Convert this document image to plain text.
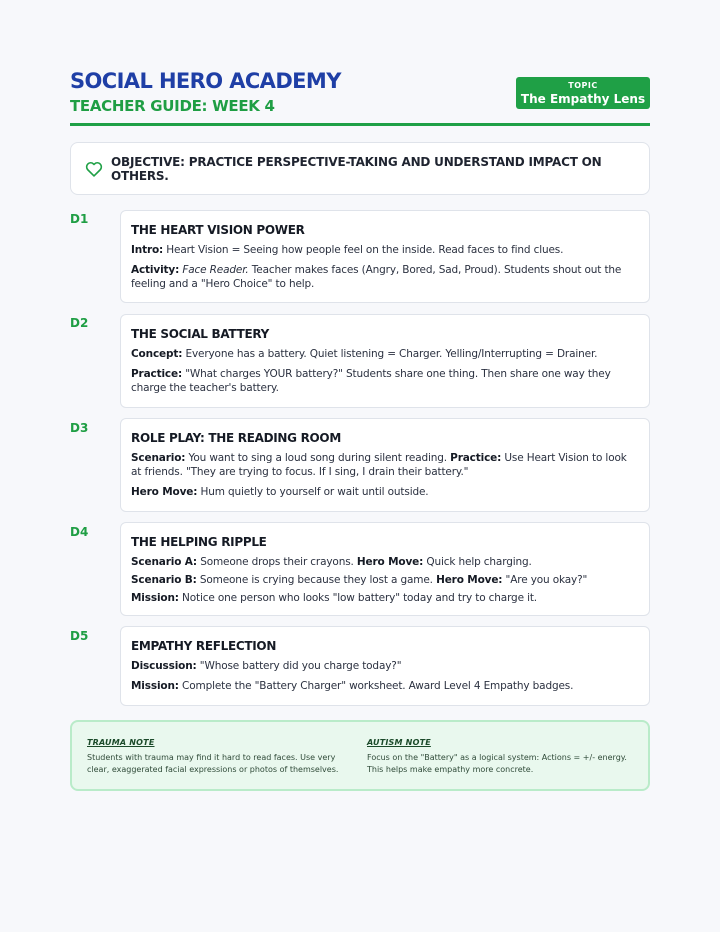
SOCIAL HERO ACADEMY
TEACHER GUIDE: WEEK 4
TOPIC
The Empathy Lens
OBJECTIVE: PRACTICE PERSPECTIVE-TAKING AND UNDERSTAND IMPACT ON OTHERS.
D1
THE HEART VISION POWER

Intro: Heart Vision = Seeing how people feel on the inside. Read faces to find clues.

Activity: Face Reader. Teacher makes faces (Angry, Bored, Sad, Proud). Students shout out the feeling and a "Hero Choice" to help.

D2
THE SOCIAL BATTERY

Concept: Everyone has a battery. Quiet listening = Charger. Yelling/Interrupting = Drainer.

Practice: "What charges YOUR battery?" Students share one thing. Then share one way they charge the teacher's battery.

D3
ROLE PLAY: THE READING ROOM

Scenario: You want to sing a loud song during silent reading. Practice: Use Heart Vision to look at friends. "They are trying to focus. If I sing, I drain their battery."

Hero Move: Hum quietly to yourself or wait until outside.

D4
THE HELPING RIPPLE

Scenario A: Someone drops their crayons. Hero Move: Quick help charging.

Scenario B: Someone is crying because they lost a game. Hero Move: "Are you okay?"

Mission: Notice one person who looks "low battery" today and try to charge it.

D5
EMPATHY REFLECTION

Discussion: "Whose battery did you charge today?"

Mission: Complete the "Battery Charger" worksheet. Award Level 4 Empathy badges.

TRAUMA NOTE
Students with trauma may find it hard to read faces. Use very clear, exaggerated facial expressions or photos of themselves.
AUTISM NOTE
Focus on the "Battery" as a logical system: Actions = +/- energy. This helps make empathy more concrete.
